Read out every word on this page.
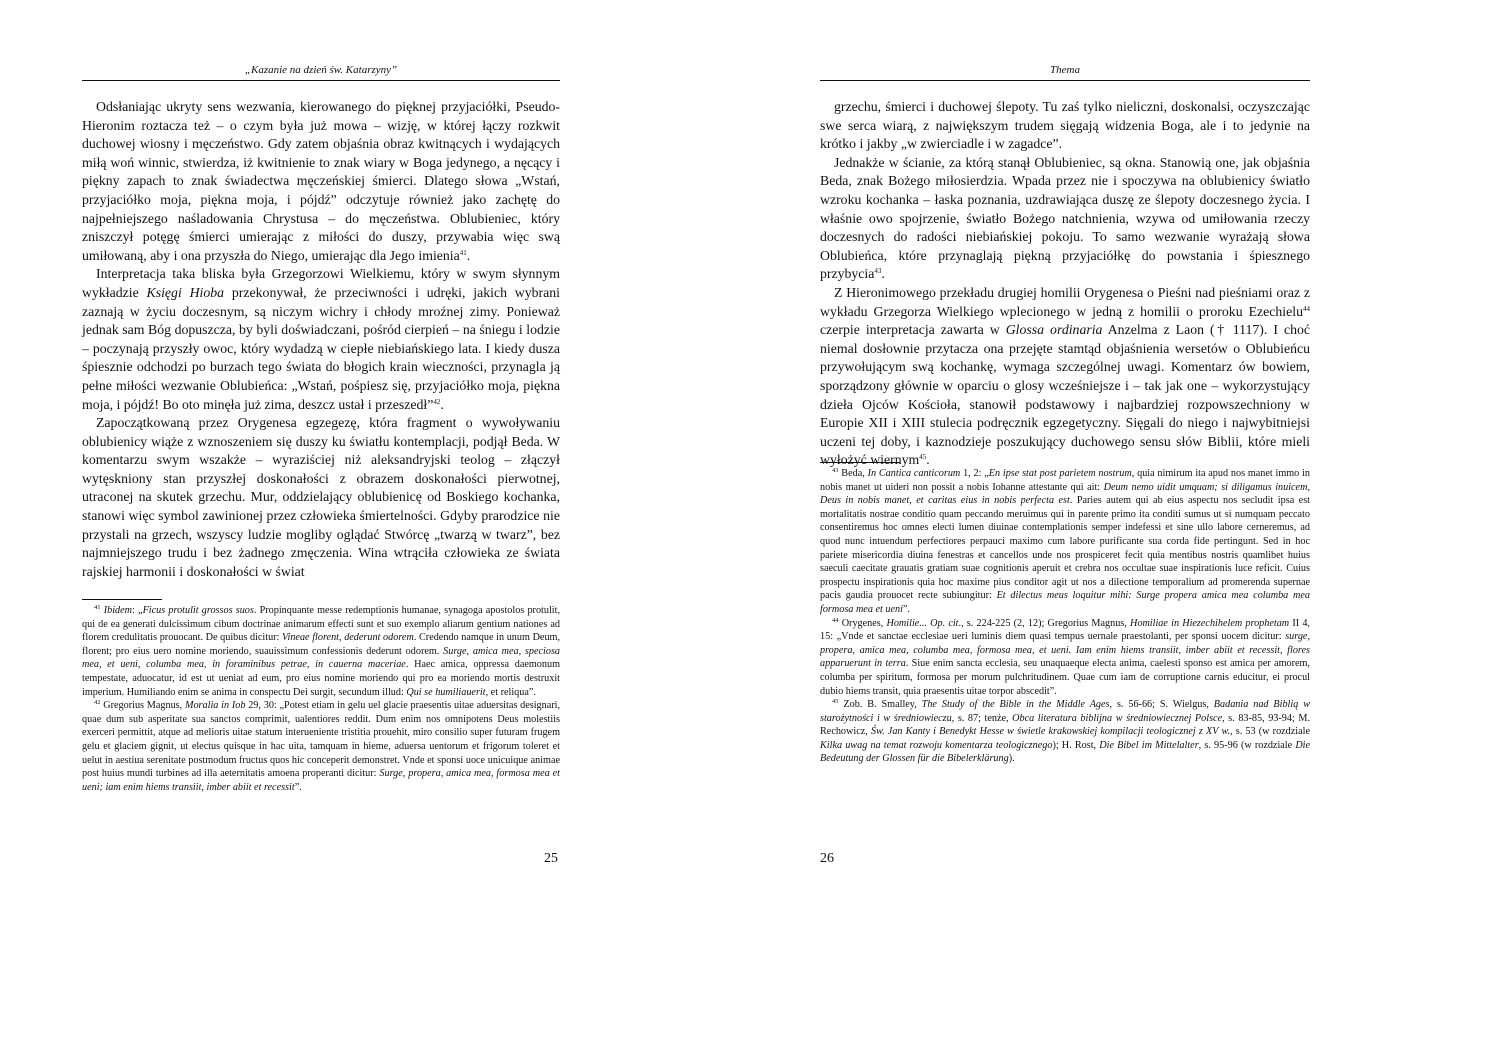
„Kazanie na dzień św. Katarzyny”

Odsłaniając ukryty sens wezwania, kierowanego do pięknej przyjaciółki, Pseudo-Hieronim roztacza też – o czym była już mowa – wizję, w której łączy rozkwit duchowej wiosny i męczeństwo. Gdy zatem objaśnia obraz kwitnących i wydających miłą woń winnic, stwierdza, iż kwitnienie to znak wiary w Boga jedynego, a nęcący i piękny zapach to znak świadectwa męczeńskiej śmierci. Dlatego słowa „Wstań, przyjaciółko moja, piękna moja, i pójdź” odczytuje również jako zachętę do najpełniejszego naśladowania Chrystusa – do męczeństwa. Oblubieniec, który zniszczył potęgę śmierci umierając z miłości do duszy, przywabia więc swą umiłowaną, aby i ona przyszła do Niego, umierając dla Jego imienia$^{41}$.

Interpretacja taka bliska była Grzegorzowi Wielkiemu, który w swym słynnym wykładzie Księgi Hioba przekonywał, że przeciwności i udręki, jakich wybrani zaznają w życiu doczesnym, są niczym wichry i chłody mroźnej zimy. Ponieważ jednak sam Bóg dopuszcza, by byli doświadczani, pośród cierpień – na śniegu i lodzie – poczynają przyszły owoc, który wydadzą w ciepłe niebiańskiego lata. I kiedy dusza śpiesznie odchodzi po burzach tego świata do błogich krain wieczności, przynagla ją pełne miłości wezwanie Oblubieńca: „Wstań, pośpiesz się, przyjaciółko moja, piękna moja, i pójdź! Bo oto minęła już zima, deszcz ustał i przeszedł”$^{42}$.

Zapoczątkowaną przez Orygenesa egzegezę, która fragment o wywoływaniu oblubienicy wiąże z wznoszeniem się duszy ku światłu kontemplacji, podjął Beda. W komentarzu swym wszakże – wyraziściej niż aleksandryjski teolog – złączył wytęskniony stan przyszłej doskonałości z obrazem doskonałości pierwotnej, utraconej na skutek grzechu. Mur, oddzielający oblubienicę od Boskiego kochanka, stanowi więc symbol zawinionej przez człowieka śmiertelności. Gdyby prarodzice nie przystali na grzech, wszyscy ludzie mogliby oglądać Stwórcę „twarzą w twarz”, bez najmniejszego trudu i bez żadnego zmęczenia. Wina wtrąciła człowieka ze świata rajskiej harmonii i doskonałości w świat

$^{41}$ Ibidem: „Ficus protulit grossos suos. Propinquante messe redemptionis humanae, synagoga apostolos protulit, qui de ea generati dulcissimum cibum doctrinae animarum effecti sunt et suo exemplo aliarum gentium nationes ad florem credulitatis prouocant. De quibus dicitur: Vineae florent, dederunt odorem. Credendo namque in unum Deum, florent; pro eius uero nomine moriendo, suauissimum confessionis dederunt odorem. Surge, amica mea, speciosa mea, et ueni, columba mea, in foraminibus petrae, in cauerna maceriae. Haec amica, oppressa daemonum tempestate, aduocatur, id est ut ueniat ad eum, pro eius nomine moriendo qui pro ea moriendo mortis destruxit imperium. Humiliando enim se anima in conspectu Dei surgit, secundum illud: Qui se humiliauerit, et reliqua”.

$^{42}$ Gregorius Magnus, Moralia in Iob 29, 30: „Potest etiam in gelu uel glacie praesentis uitae aduersitas designari, quae dum sub asperitate sua sanctos comprimit, ualentiores reddit. Dum enim nos omnipotens Deus molestiis exerceri permittit, atque ad melioris uitae statum interueniente tristitia prouehit, miro consilio super futuram frugem gelu et glaciem gignit, ut electus quisque in hac uita, tamquam in hieme, aduersa uentorum et frigorum toleret et uelut in aestiua serenitate postmodum fructus quos hic conceperit demonstret. Vnde et sponsi uoce unicuique animae post huius mundi turbines ad illa aeternitatis amoena properanti dicitur: Surge, propera, amica mea, formosa mea et ueni; iam enim hiems transiit, imber abiit et recessit”.

25
Thema

grzechu, śmierci i duchowej ślepoty. Tu zaś tylko nieliczni, doskonalsi, oczyszczając swe serca wiarą, z największym trudem sięgają widzenia Boga, ale i to jedynie na krótko i jakby „w zwierciadle i w zagadce”.

Jednakże w ścianie, za którą stanął Oblubieniec, są okna. Stanowią one, jak objaśnia Beda, znak Bożego miłosierdzia. Wpada przez nie i spoczywa na oblubienicy światło wzroku kochanka – łaska poznania, uzdrawiająca duszę ze ślepoty doczesnego życia. I właśnie owo spojrzenie, światło Bożego natchnienia, wzywa od umiłowania rzeczy doczesnych do radości niebiańskiej pokoju. To samo wezwanie wyrażają słowa Oblubieńca, które przynaglają piękną przyjaciółkę do powstania i śpiesznego przybycia$^{43}$.

Z Hieronimowego przekładu drugiej homilii Orygenesa o Pieśni nad pieśniami oraz z wykładu Grzegorza Wielkiego wplecionego w jedną z homilii o proroku Ezechielu$^{44}$ czerpie interpretacja zawarta w Glossa ordinaria Anzelma z Laon († 1117). I choć niemal dosłownie przytacza ona przejęte stamtąd objaśnienia wersetów o Oblubieńcu przywołującym swą kochankę, wymaga szczególnej uwagi. Komentarz ów bowiem, sporządzony głównie w oparciu o glosy wcześniejsze i – tak jak one – wykorzystujący dzieła Ojców Kościoła, stanowił podstawowy i najbardziej rozpowszechniony w Europie XII i XIII stulecia podręcznik egzegetyczny. Sięgali do niego i najwybitniejsi uczeni tej doby, i kaznodzieje poszukujący duchowego sensu słów Biblii, które mieli wyłożyć wiernym$^{45}$.

$^{43}$ Beda, In Cantica canticorum 1, 2: „En ipse stat post parietem nostrum, quia nimirum ita apud nos manet immo in nobis manet ut uideri non possit a nobis Iohanne attestante qui ait: Deum nemo uidit umquam; si diligamus inuicem, Deus in nobis manet, et caritas eius in nobis perfecta est. Paries autem qui ab eius aspectu nos secludit ipsa est mortalitatis nostrae conditio quam peccando meruimus qui in parente primo ita conditi sumus ut si numquam peccato consentiremus hoc omnes electi lumen diuinae contemplationis semper indefessi et sine ullo labore cerneremus, ad quod nunc intuendum perfectiores perpauci maximo cum labore purificante sua corda fide pertingunt. Sed in hoc pariete misericordia diuina fenestras et cancellos unde nos prospiceret fecit quia mentibus nostris quamlibet huius saeculi caecitate grauatis gratiam suae cognitionis aperuit et crebra nos occultae suae inspirationis luce reficit. Cuius prospectu inspirationis quia hoc maxime pius conditor agit ut nos a dilectione temporalium ad promerenda supernae pacis gaudia prouocet recte subiungitur: Et dilectus meus loquitur mihi: Surge propera amica mea columba mea formosa mea et ueni”.

$^{44}$ Orygenes, Homilie... Op. cit., s. 224-225 (2, 12); Gregorius Magnus, Homiliae in Hiezechihelem prophetam II 4, 15: „Vnde et sanctae ecclesiae ueri luminis diem quasi tempus uernale praestolanti, per sponsi uocem dicitur: surge, propera, amica mea, columba mea, formosa mea, et ueni. Iam enim hiems transiit, imber abiit et recessit, flores apparuerunt in terra. Siue enim sancta ecclesia, seu unaquaeque electa anima, caelesti sponso est amica per amorem, columba per spiritum, formosa per morum pulchritudinem. Quae cum iam de corruptione carnis educitur, ei procul dubio hiems transit, quia praesentis uitae torpor abscedit”.

$^{45}$ Zob. B. Smalley, The Study of the Bible in the Middle Ages, s. 56-66; S. Wielgus, Badania nad Biblią w starożytności i w średniowieczu, s. 87; tenże, Obca literatura biblijna w średniowiecznej Polsce, s. 83-85, 93-94; M. Rechowicz, Św. Jan Kanty i Benedykt Hesse w świetle krakowskiej kompilacji teologicznej z XV w., s. 53 (w rozdziale Kilka uwag na temat rozwoju komentarza teologicznego); H. Rost, Die Bibel im Mittelalter, s. 95-96 (w rozdziale Die Bedeutung der Glossen für die Bibelerklärung).

26
